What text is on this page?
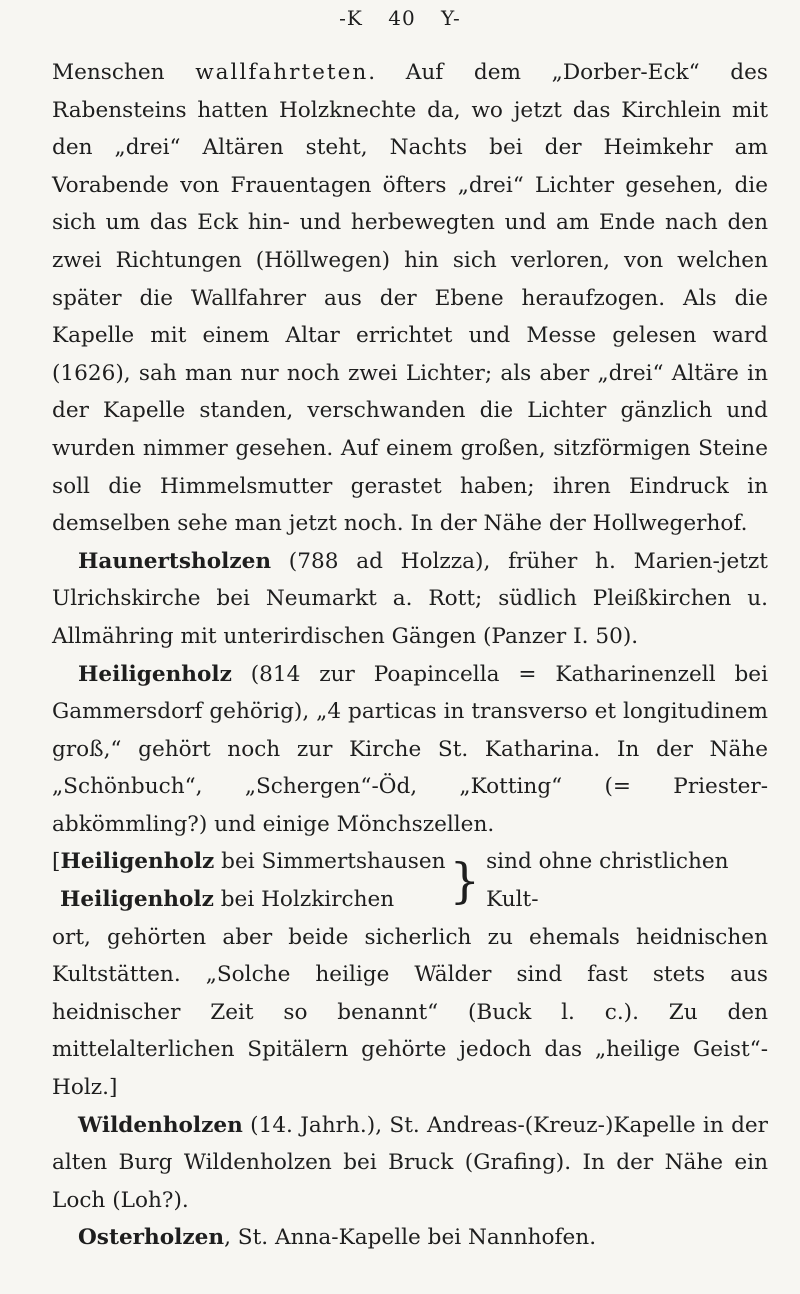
-K 40 Y-

Menschen wallfahrteten. Auf dem „Dorber-Eck“ des Rabensteins hatten Holzknechte da, wo jetzt das Kirchlein mit den „drei“ Altären steht, Nachts bei der Heimkehr am Vorabende von Frauentagen öfters „drei“ Lichter gesehen, die sich um das Eck hin- und herbewegten und am Ende nach den zwei Richtungen (Höllwegen) hin sich verloren, von welchen später die Wallfahrer aus der Ebene heraufzogen. Als die Kapelle mit einem Altar errichtet und Messe gelesen ward (1626), sah man nur noch zwei Lichter; als aber „drei“ Altäre in der Kapelle standen, verschwanden die Lichter gänzlich und wurden nimmer gesehen. Auf einem großen, sitzförmigen Steine soll die Himmelsmutter gerastet haben; ihren Eindruck in demselben sehe man jetzt noch. In der Nähe der Hollwegerhof.

Haunertsholzen (788 ad Holzza), früher h. Marien-jetzt Ulrichskirche bei Neumarkt a. Rott; südlich Pleißkirchen u. Allmähring mit unterirdischen Gängen (Panzer I. 50).

Heiligenholz (814 zur Poapincella = Katharinenzell bei Gammersdorf gehörig), „4 particas in transverso et longitudinem groß,“ gehört noch zur Kirche St. Katharina. In der Nähe „Schönbuch“, „Schergen“-Öd, „Kotting“ (= Priester-abkömmling?) und einige Mönchszellen.

[Heiligenholz bei Simmertshausen
Heiligenholz bei Holzkirchen	} sind ohne christlichen Kult-

ort, gehörten aber beide sicherlich zu ehemals heidnischen Kultstätten. „Solche heilige Wälder sind fast stets aus heidnischer Zeit so benannt“ (Buck l. c.). Zu den mittelalterlichen Spitälern gehörte jedoch das „heilige Geist“-Holz.]

Wildenholzen (14. Jahrh.), St. Andreas-(Kreuz-)Kapelle in der alten Burg Wildenholzen bei Bruck (Grafing). In der Nähe ein Loch (Loh?).

Osterholzen, St. Anna-Kapelle bei Nannhofen.
